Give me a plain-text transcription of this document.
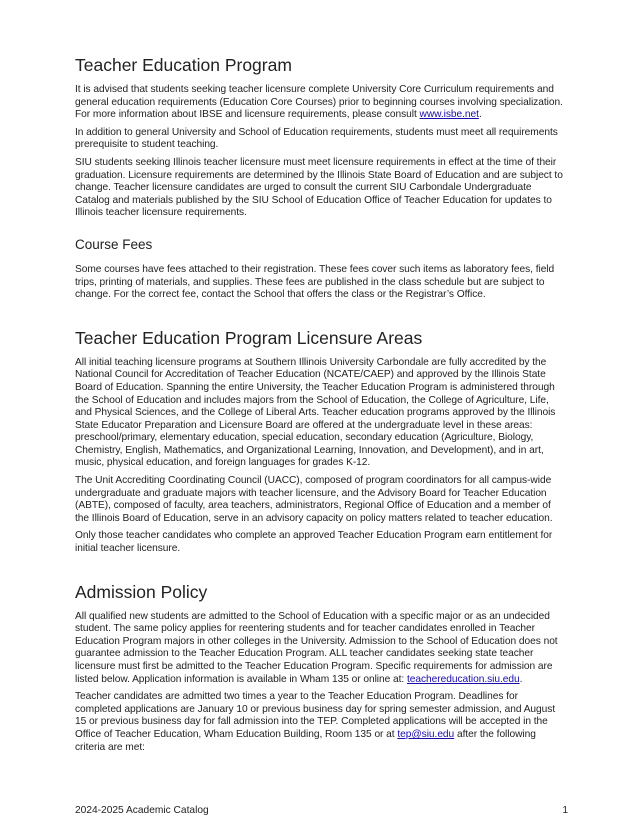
Teacher Education Program

It is advised that students seeking teacher licensure complete University Core Curriculum requirements and general education requirements (Education Core Courses) prior to beginning courses involving specialization. For more information about IBSE and licensure requirements, please consult www.isbe.net.

In addition to general University and School of Education requirements, students must meet all requirements prerequisite to student teaching.

SIU students seeking Illinois teacher licensure must meet licensure requirements in effect at the time of their graduation. Licensure requirements are determined by the Illinois State Board of Education and are subject to change. Teacher licensure candidates are urged to consult the current SIU Carbondale Undergraduate Catalog and materials published by the SIU School of Education Office of Teacher Education for updates to Illinois teacher licensure requirements.

Course Fees

Some courses have fees attached to their registration. These fees cover such items as laboratory fees, field trips, printing of materials, and supplies. These fees are published in the class schedule but are subject to change. For the correct fee, contact the School that offers the class or the Registrar’s Office.

Teacher Education Program Licensure Areas

All initial teaching licensure programs at Southern Illinois University Carbondale are fully accredited by the National Council for Accreditation of Teacher Education (NCATE/CAEP) and approved by the Illinois State Board of Education. Spanning the entire University, the Teacher Education Program is administered through the School of Education and includes majors from the School of Education, the College of Agriculture, Life, and Physical Sciences, and the College of Liberal Arts. Teacher education programs approved by the Illinois State Educator Preparation and Licensure Board are offered at the undergraduate level in these areas: preschool/primary, elementary education, special education, secondary education (Agriculture, Biology, Chemistry, English, Mathematics, and Organizational Learning, Innovation, and Development), and in art, music, physical education, and foreign languages for grades K-12.

The Unit Accrediting Coordinating Council (UACC), composed of program coordinators for all campus-wide undergraduate and graduate majors with teacher licensure, and the Advisory Board for Teacher Education (ABTE), composed of faculty, area teachers, administrators, Regional Office of Education and a member of the Illinois Board of Education, serve in an advisory capacity on policy matters related to teacher education.

Only those teacher candidates who complete an approved Teacher Education Program earn entitlement for initial teacher licensure.

Admission Policy

All qualified new students are admitted to the School of Education with a specific major or as an undecided student. The same policy applies for reentering students and for teacher candidates enrolled in Teacher Education Program majors in other colleges in the University. Admission to the School of Education does not guarantee admission to the Teacher Education Program. ALL teacher candidates seeking state teacher licensure must first be admitted to the Teacher Education Program. Specific requirements for admission are listed below. Application information is available in Wham 135 or online at: teachereducation.siu.edu.

Teacher candidates are admitted two times a year to the Teacher Education Program. Deadlines for completed applications are January 10 or previous business day for spring semester admission, and August 15 or previous business day for fall admission into the TEP. Completed applications will be accepted in the Office of Teacher Education, Wham Education Building, Room 135 or at tep@siu.edu after the following criteria are met:

2024-2025 Academic Catalog	1
